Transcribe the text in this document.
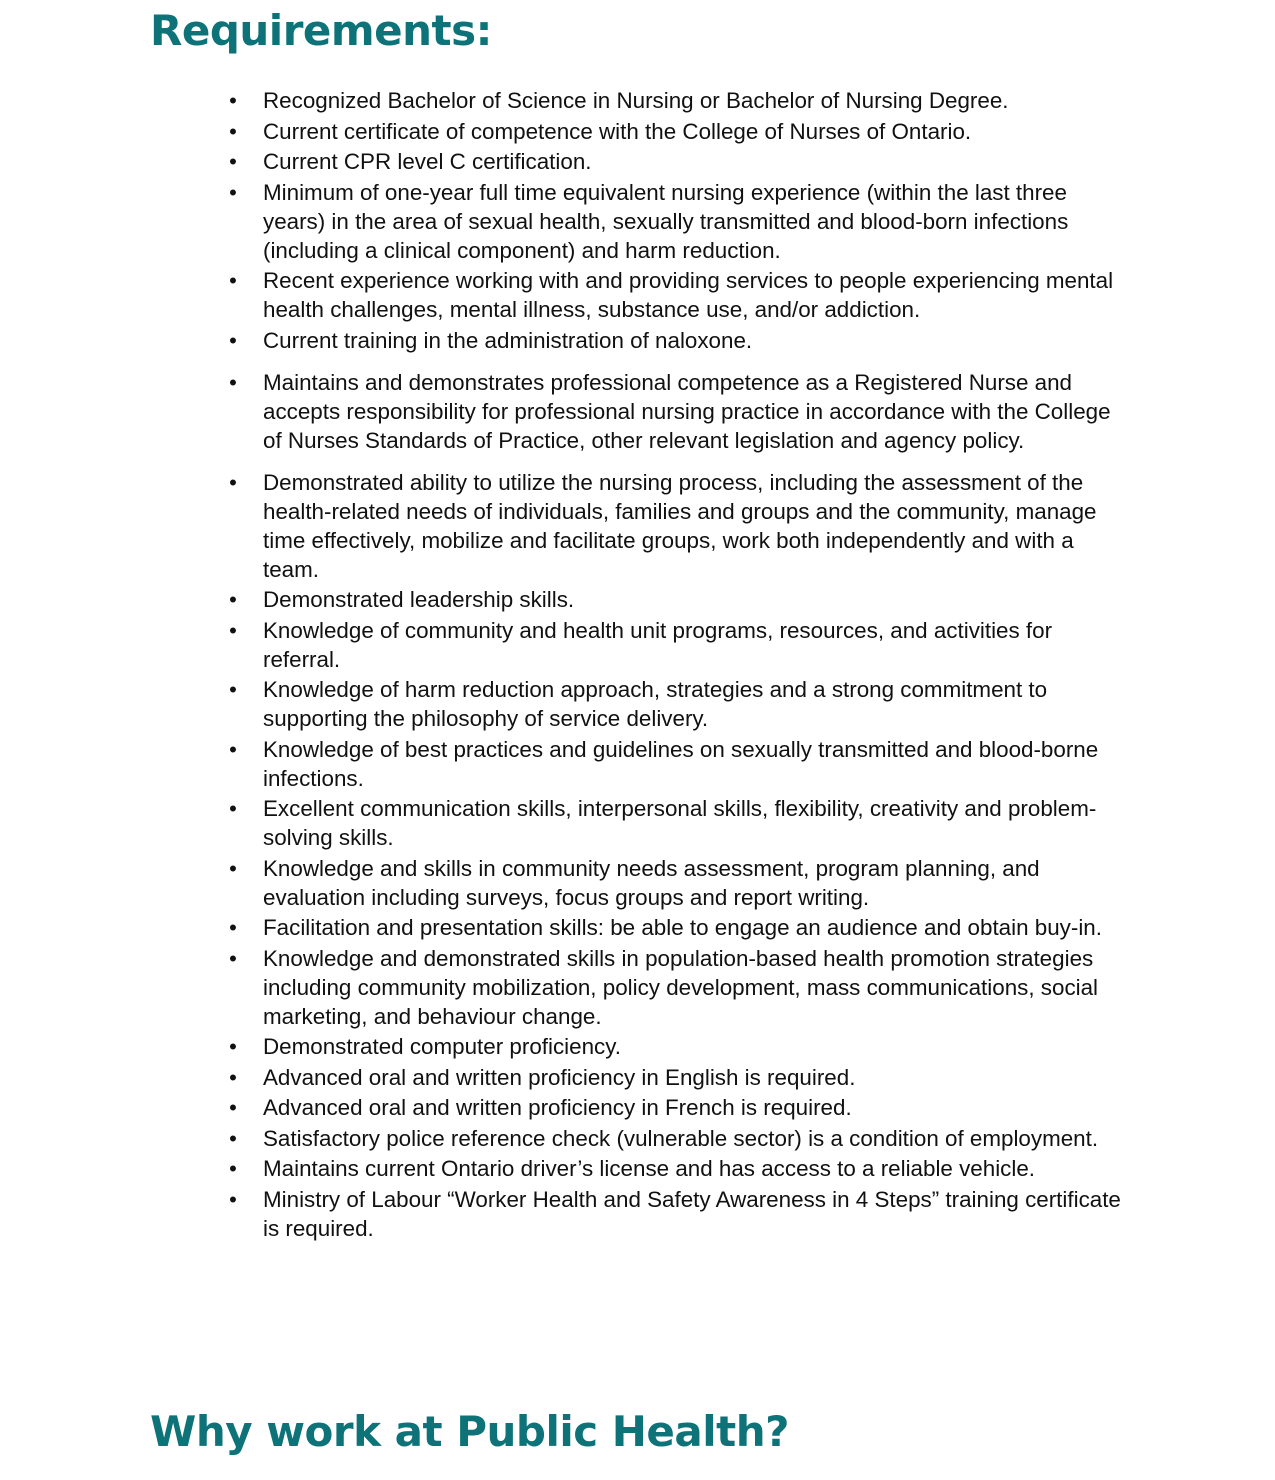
Requirements:
• Recognized Bachelor of Science in Nursing or Bachelor of Nursing Degree.
• Current certificate of competence with the College of Nurses of Ontario.
• Current CPR level C certification.
• Minimum of one-year full time equivalent nursing experience (within the last three years) in the area of sexual health, sexually transmitted and blood-born infections (including a clinical component) and harm reduction.
• Recent experience working with and providing services to people experiencing mental health challenges, mental illness, substance use, and/or addiction.
• Current training in the administration of naloxone.
• Maintains and demonstrates professional competence as a Registered Nurse and accepts responsibility for professional nursing practice in accordance with the College of Nurses Standards of Practice, other relevant legislation and agency policy.
• Demonstrated ability to utilize the nursing process, including the assessment of the health-related needs of individuals, families and groups and the community, manage time effectively, mobilize and facilitate groups, work both independently and with a team.
• Demonstrated leadership skills.
• Knowledge of community and health unit programs, resources, and activities for referral.
• Knowledge of harm reduction approach, strategies and a strong commitment to supporting the philosophy of service delivery.
• Knowledge of best practices and guidelines on sexually transmitted and blood-borne infections.
• Excellent communication skills, interpersonal skills, flexibility, creativity and problem-solving skills.
• Knowledge and skills in community needs assessment, program planning, and evaluation including surveys, focus groups and report writing.
• Facilitation and presentation skills: be able to engage an audience and obtain buy-in.
• Knowledge and demonstrated skills in population-based health promotion strategies including community mobilization, policy development, mass communications, social marketing, and behaviour change.
• Demonstrated computer proficiency.
• Advanced oral and written proficiency in English is required.
• Advanced oral and written proficiency in French is required.
• Satisfactory police reference check (vulnerable sector) is a condition of employment.
• Maintains current Ontario driver’s license and has access to a reliable vehicle.
• Ministry of Labour “Worker Health and Safety Awareness in 4 Steps” training certificate is required.
Why work at Public Health?
